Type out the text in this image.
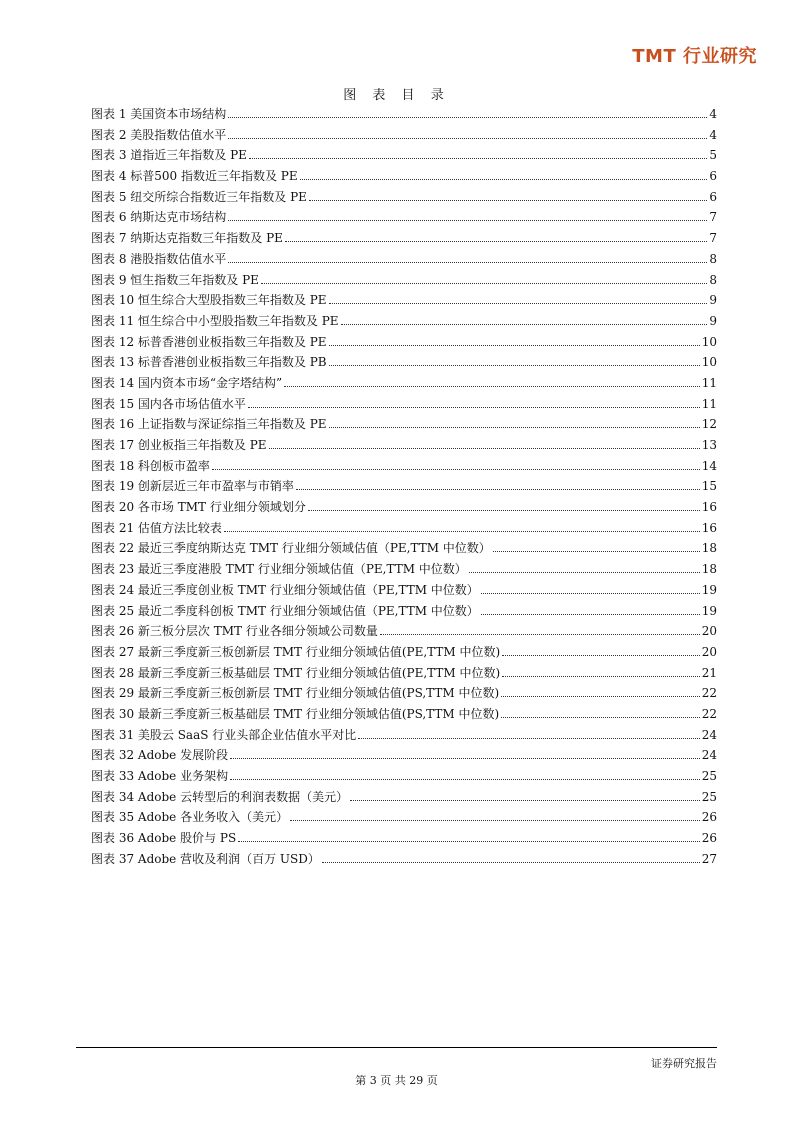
TMT 行业研究
图 表 目 录
图表 1 美国资本市场结构	4
图表 2 美股指数估值水平	4
图表 3 道指近三年指数及 PE	5
图表 4 标普500 指数近三年指数及 PE	6
图表 5 纽交所综合指数近三年指数及 PE	6
图表 6 纳斯达克市场结构	7
图表 7 纳斯达克指数三年指数及 PE	7
图表 8 港股指数估值水平	8
图表 9 恒生指数三年指数及 PE	8
图表 10 恒生综合大型股指数三年指数及 PE	9
图表 11 恒生综合中小型股指数三年指数及 PE	9
图表 12 标普香港创业板指数三年指数及 PE	10
图表 13 标普香港创业板指数三年指数及 PB	10
图表 14 国内资本市场“金字塔结构”	11
图表 15 国内各市场估值水平	11
图表 16 上证指数与深证综指三年指数及 PE	12
图表 17 创业板指三年指数及 PE	13
图表 18 科创板市盈率	14
图表 19 创新层近三年市盈率与市销率	15
图表 20 各市场 TMT 行业细分领域划分	16
图表 21 估值方法比较表	16
图表 22 最近三季度纳斯达克 TMT 行业细分领域估值（PE,TTM 中位数）	18
图表 23 最近三季度港股 TMT 行业细分领域估值（PE,TTM 中位数）	18
图表 24 最近三季度创业板 TMT 行业细分领域估值（PE,TTM 中位数）	19
图表 25 最近二季度科创板 TMT 行业细分领域估值（PE,TTM 中位数）	19
图表 26 新三板分层次 TMT 行业各细分领域公司数量	20
图表 27 最新三季度新三板创新层 TMT 行业细分领域估值(PE,TTM 中位数)	20
图表 28 最新三季度新三板基础层 TMT 行业细分领域估值(PE,TTM 中位数)	21
图表 29 最新三季度新三板创新层 TMT 行业细分领域估值(PS,TTM 中位数)	22
图表 30 最新三季度新三板基础层 TMT 行业细分领域估值(PS,TTM 中位数)	22
图表 31 美股云 SaaS 行业头部企业估值水平对比	24
图表 32 Adobe 发展阶段	24
图表 33 Adobe 业务架构	25
图表 34 Adobe 云转型后的利润表数据（美元）	25
图表 35 Adobe 各业务收入（美元）	26
图表 36 Adobe 股价与 PS	26
图表 37 Adobe 营收及利润（百万 USD）	27
证券研究报告
第 3 页 共 29 页
